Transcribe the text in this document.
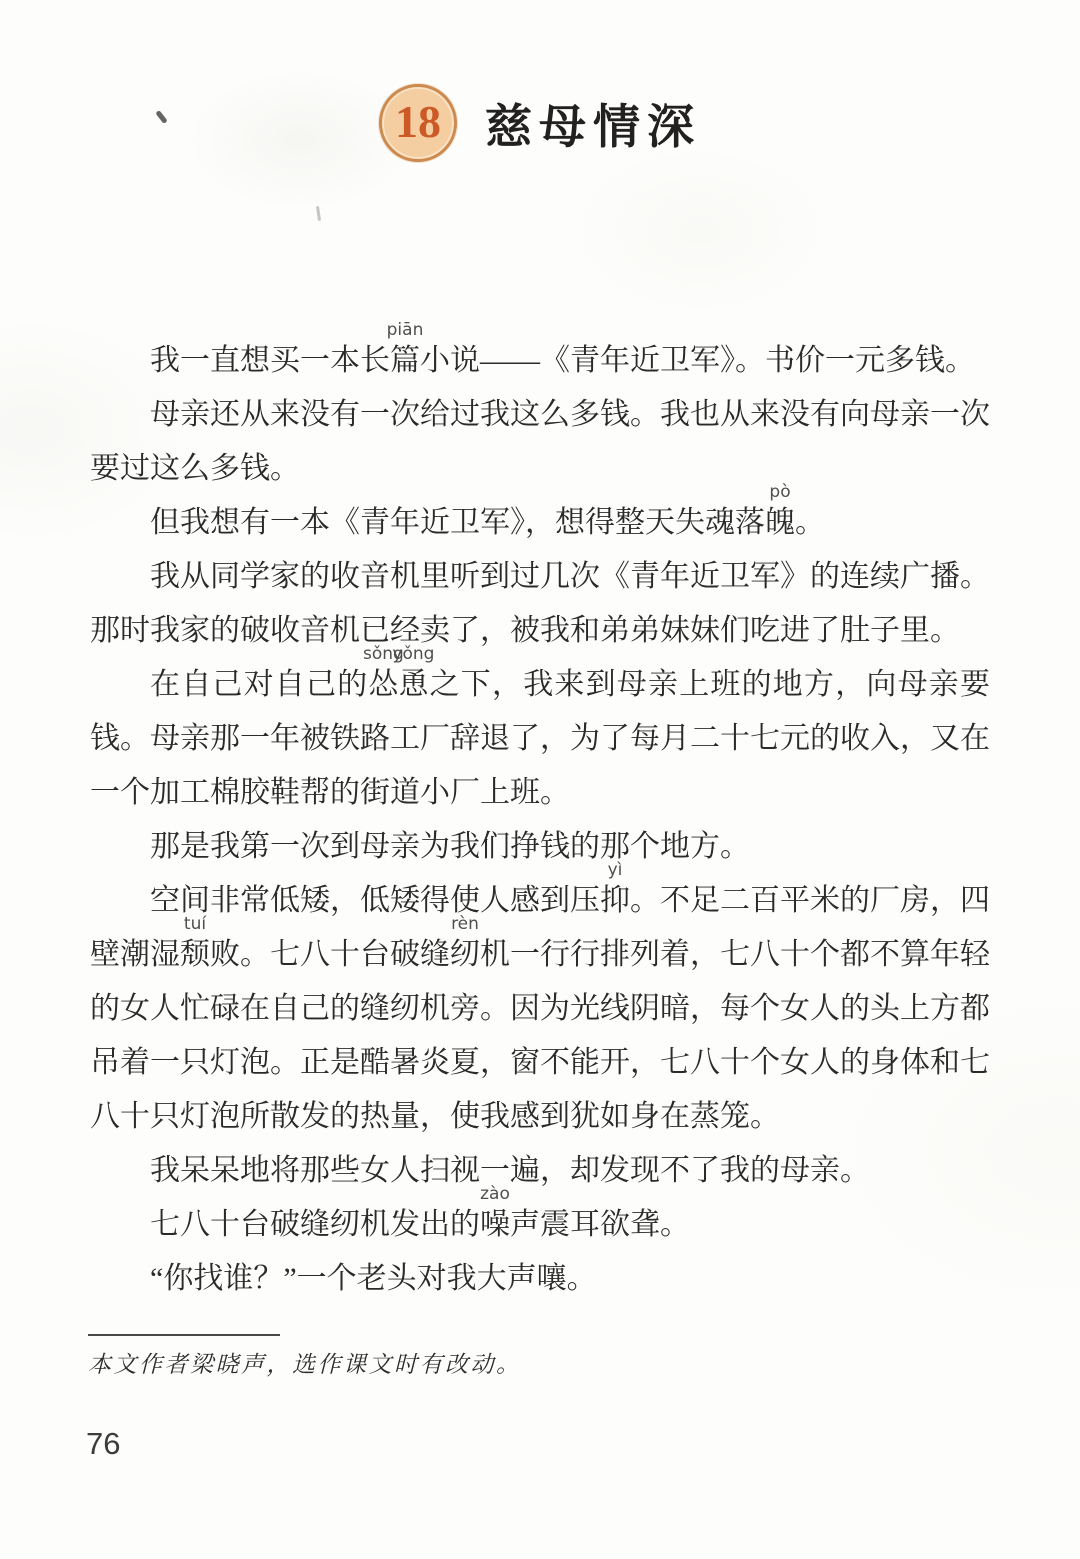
18 慈母情深

我一直想买一本长
piān
篇小说——《青年近卫军》。书价一元多钱。

母亲还从来没有一次给过我这么多钱。我也从来没有向母亲一次要过这么多钱。

但我想有一本《青年近卫军》，想得整天失魂落
pò
魄。

我从同学家的收音机里听到过几次《青年近卫军》的连续广播。那时我家的破收音机已经卖了，被我和弟弟妹妹们吃进了肚子里。

在自己对自己的
sǒng
怂
yǒng
恿之下，我来到母亲上班的地方，向母亲要钱。母亲那一年被铁路工厂辞退了，为了每月二十七元的收入，又在一个加工棉胶鞋帮的街道小厂上班。

那是我第一次到母亲为我们挣钱的那个地方。

空间非常低矮，低矮得使人感到压
yì
抑。不足二百平米的厂房，四壁潮湿
tuí
颓败。七八十台破缝
rèn
纫机一行行排列着，七八十个都不算年轻的女人忙碌在自己的缝纫机旁。因为光线阴暗，每个女人的头上方都吊着一只灯泡。正是酷暑炎夏，窗不能开，七八十个女人的身体和七八十只灯泡所散发的热量，使我感到犹如身在蒸笼。

我呆呆地将那些女人扫视一遍，却发现不了我的母亲。

七八十台破缝纫机发出的
zào
噪声震耳欲聋。

“你找谁？”一个老头对我大声嚷。

本文作者梁晓声，选作课文时有改动。
76
